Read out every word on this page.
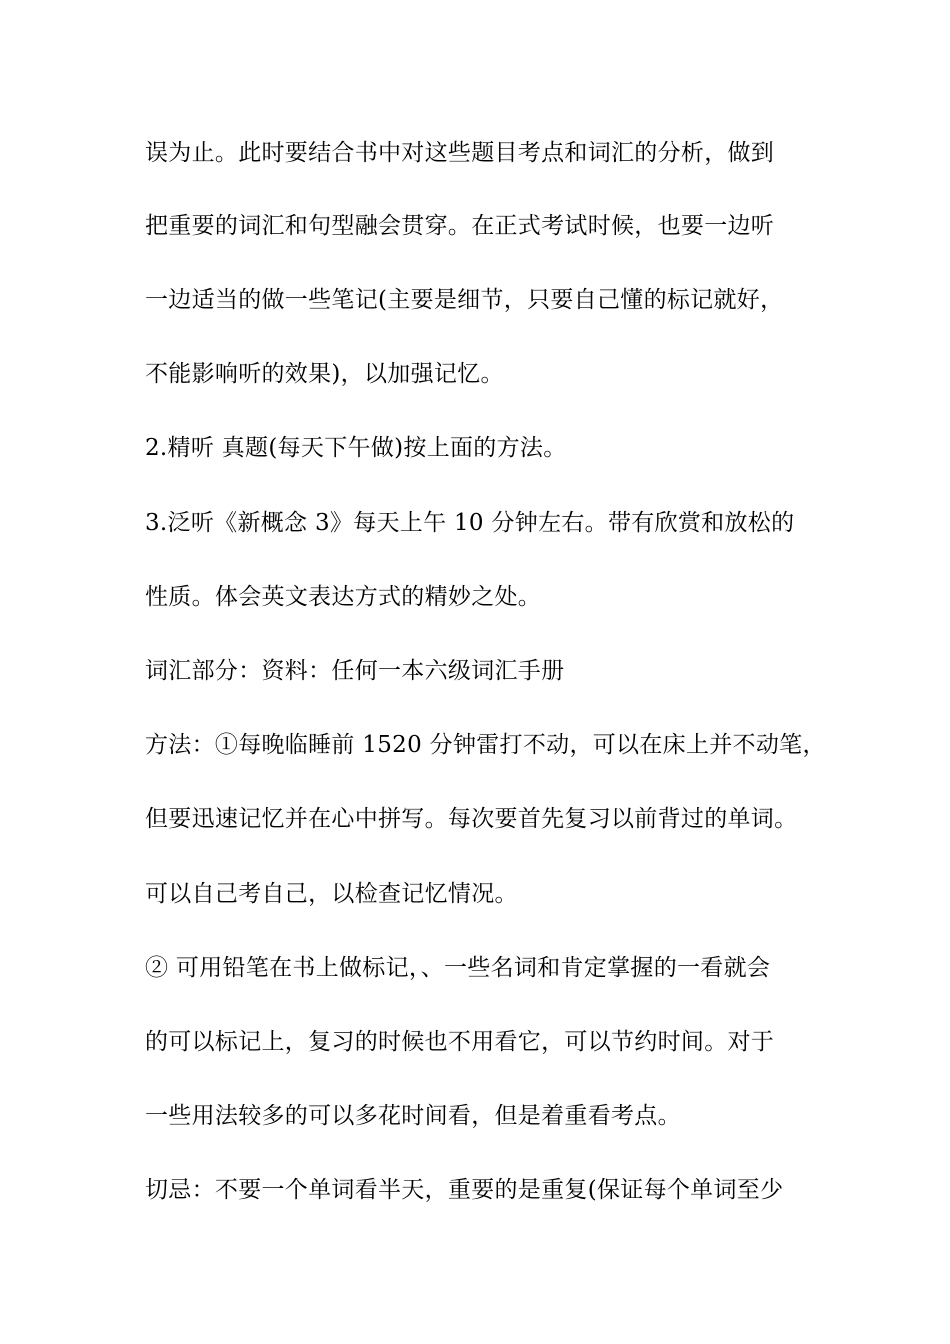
误为止。此时要结合书中对这些题目考点和词汇的分析，做到
把重要的词汇和句型融会贯穿。在正式考试时候，也要一边听
一边适当的做一些笔记(主要是细节，只要自己懂的标记就好，
不能影响听的效果)，以加强记忆。
2.精听 真题(每天下午做)按上面的方法。
3.泛听《新概念 3》每天上午 10 分钟左右。带有欣赏和放松的
性质。体会英文表达方式的精妙之处。
词汇部分：资料：任何一本六级词汇手册
方法：①每晚临睡前 1520 分钟雷打不动，可以在床上并不动笔，
但要迅速记忆并在心中拼写。每次要首先复习以前背过的单词。
可以自己考自己，以检查记忆情况。
② 可用铅笔在书上做标记，、一些名词和肯定掌握的一看就会
的可以标记上，复习的时候也不用看它，可以节约时间。对于
一些用法较多的可以多花时间看，但是着重看考点。
切忌：不要一个单词看半天，重要的是重复(保证每个单词至少
